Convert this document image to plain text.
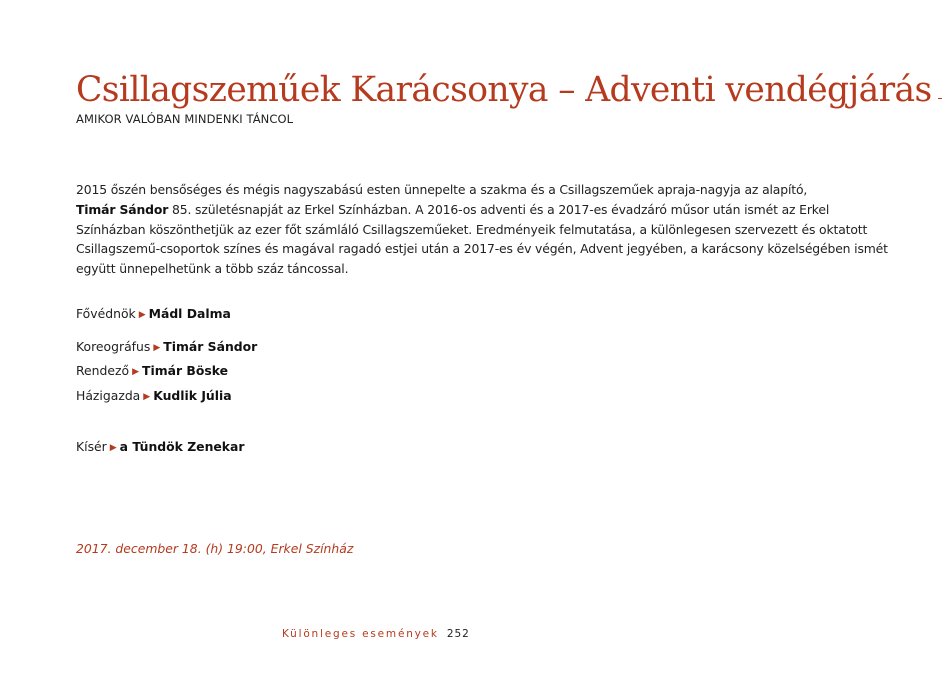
Csillagszeműek Karácsonya – Adventi vendégjárás
AMIKOR VALÓBAN MINDENKI TÁNCOL

2015 őszén bensőséges és mégis nagyszabású esten ünnepelte a szakma és a Csillagszeműek apraja-nagyja az alapító,
Timár Sándor 85. születésnapját az Erkel Színházban. A 2016-os adventi és a 2017-es évadzáró műsor után ismét az Erkel Színházban köszönthetjük az ezer főt számláló Csillagszeműeket. Eredményeik felmutatása, a különlegesen szervezett és oktatott Csillagszemű-csoportok színes és magával ragadó estjei után a 2017-es év végén, Advent jegyében, a karácsony közelségében ismét együtt ünnepelhetünk a több száz táncossal.

Fővédnök ▶ Mádl Dalma
Koreográfus ▶ Timár Sándor
Rendező ▶ Timár Böske
Házigazda ▶ Kudlik Júlia
Kísér ▶ a Tündök Zenekar
2017. december 18. (h) 19:00, Erkel Színház
Különleges események 252
